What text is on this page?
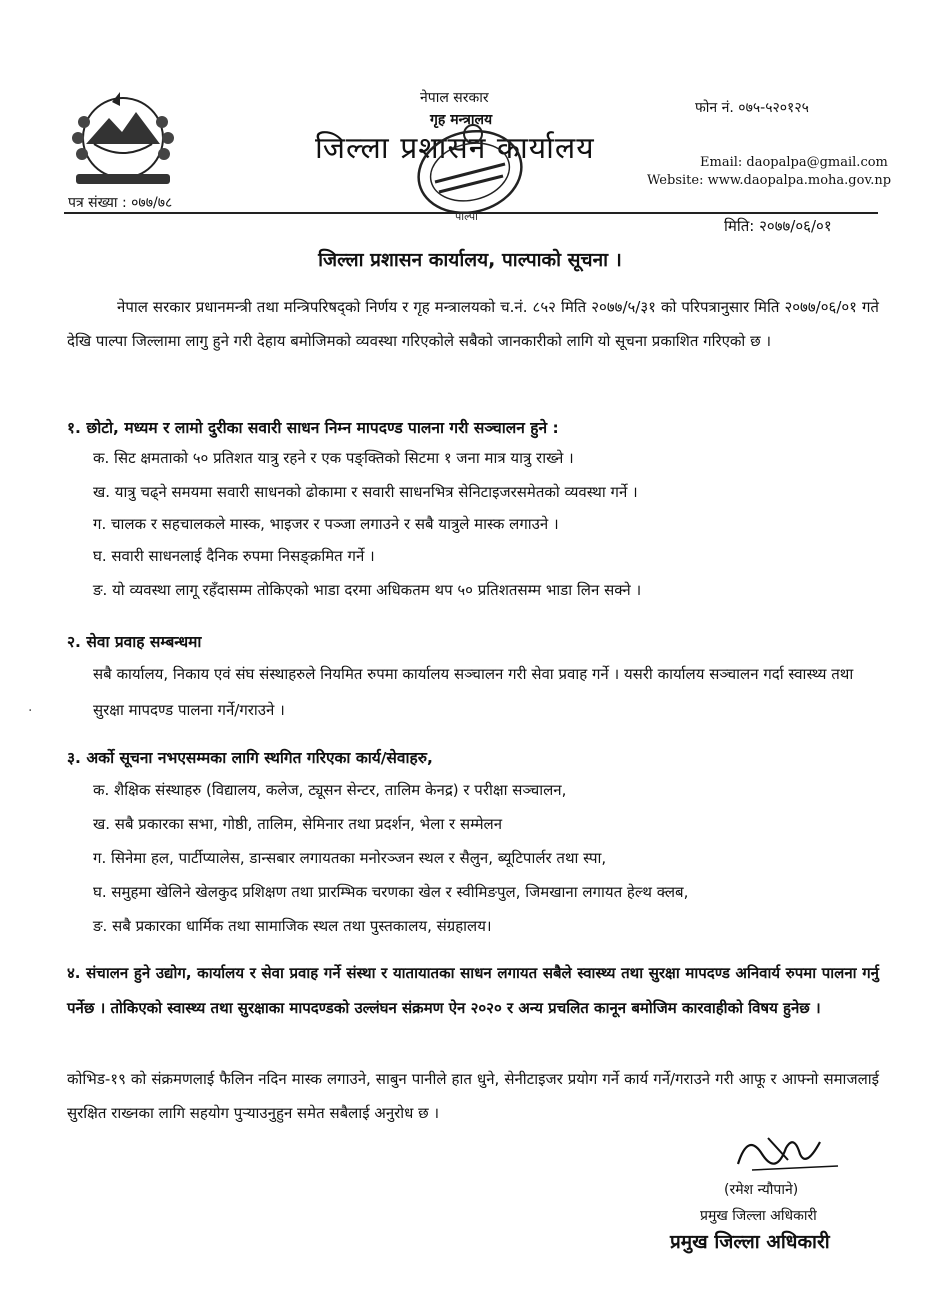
नेपाल सरकार
गृह मन्त्रालय
जिल्ला प्रशासन कार्यालय
पाल्पा
फोन नं. ०७५-५२०१२५
Email: daopalpa@gmail.com
Website: www.daopalpa.moha.gov.np
पत्र संख्या : ०७७/७८
मिति: २०७७/०६/०१
जिल्ला प्रशासन कार्यालय, पाल्पाको सूचना ।

नेपाल सरकार प्रधानमन्त्री तथा मन्त्रिपरिषद्को निर्णय र गृह मन्त्रालयको च.नं. ८५२ मिति २०७७/५/३१ को परिपत्रानुसार मिति २०७७/०६/०१ गते देखि पाल्पा जिल्लामा लागु हुने गरी देहाय बमोजिमको व्यवस्था गरिएकोले सबैको जानकारीको लागि यो सूचना प्रकाशित गरिएको छ ।

१. छोटो, मध्यम र लामो दुरीका सवारी साधन निम्न मापदण्ड पालना गरी सञ्चालन हुने :

क. सिट क्षमताको ५० प्रतिशत यात्रु रहने र एक पङ्क्तिको सिटमा १ जना मात्र यात्रु राख्ने ।

ख. यात्रु चढ्ने समयमा सवारी साधनको ढोकामा र सवारी साधनभित्र सेनिटाइजरसमेतको व्यवस्था गर्ने ।

ग. चालक र सहचालकले मास्क, भाइजर र पञ्जा लगाउने र सबै यात्रुले मास्क लगाउने ।

घ. सवारी साधनलाई दैनिक रुपमा निसङ्क्रमित गर्ने ।

ङ. यो व्यवस्था लागू रहँदासम्म तोकिएको भाडा दरमा अधिकतम थप ५० प्रतिशतसम्म भाडा लिन सक्ने ।

२. सेवा प्रवाह सम्बन्धमा

सबै कार्यालय, निकाय एवं संघ संस्थाहरुले नियमित रुपमा कार्यालय सञ्चालन गरी सेवा प्रवाह गर्ने । यसरी कार्यालय सञ्चालन गर्दा स्वास्थ्य तथा सुरक्षा मापदण्ड पालना गर्ने/गराउने ।

३. अर्को सूचना नभएसम्मका लागि स्थगित गरिएका कार्य/सेवाहरु,

क. शैक्षिक संस्थाहरु (विद्यालय, कलेज, ट्यूसन सेन्टर, तालिम केनद्र) र परीक्षा सञ्चालन,

ख. सबै प्रकारका सभा, गोष्ठी, तालिम, सेमिनार तथा प्रदर्शन, भेला र सम्मेलन

ग. सिनेमा हल, पार्टीप्यालेस, डान्सबार लगायतका मनोरञ्जन स्थल र सैलुन, ब्यूटिपार्लर तथा स्पा,

घ. समुहमा खेलिने खेलकुद प्रशिक्षण तथा प्रारम्भिक चरणका खेल र स्वीमिङपुल, जिमखाना लगायत हेल्थ क्लब,

ङ. सबै प्रकारका धार्मिक तथा सामाजिक स्थल तथा पुस्तकालय, संग्रहालय।

४. संचालन हुने उद्योग, कार्यालय र सेवा प्रवाह गर्ने संस्था र यातायातका साधन लगायत सबैले स्वास्थ्य तथा सुरक्षा मापदण्ड अनिवार्य रुपमा पालना गर्नु पर्नेछ । तोकिएको स्वास्थ्य तथा सुरक्षाका मापदण्डको उल्लंघन संक्रमण ऐन २०२० र अन्य प्रचलित कानून बमोजिम कारवाहीको विषय हुनेछ ।

कोभिड-१९ को संक्रमणलाई फैलिन नदिन मास्क लगाउने, साबुन पानीले हात धुने, सेनीटाइजर प्रयोग गर्ने कार्य गर्ने/गराउने गरी आफू र आफ्नो समाजलाई सुरक्षित राख्नका लागि सहयोग पुऱ्याउनुहुन समेत सबैलाई अनुरोध छ ।

(रमेश न्यौपाने)
प्रमुख जिल्ला अधिकारी
प्रमुख जिल्ला अधिकारी
·
